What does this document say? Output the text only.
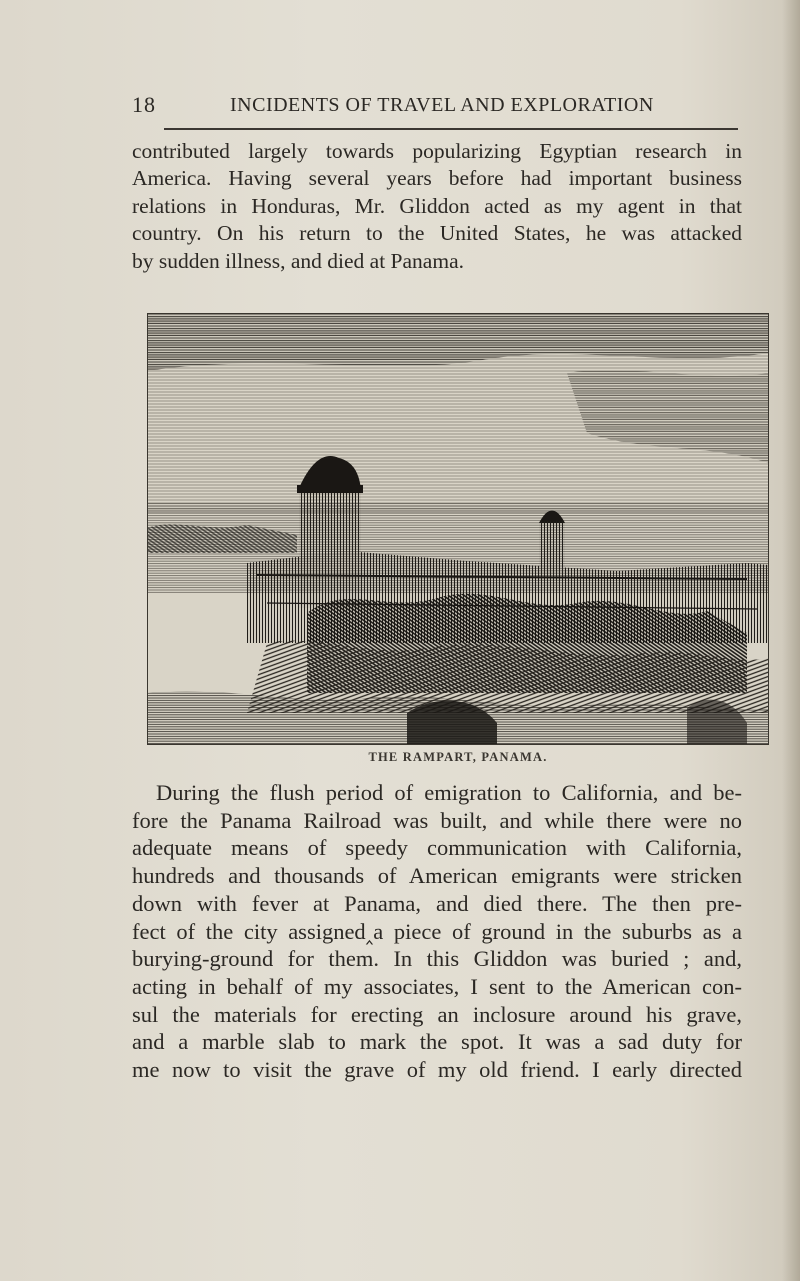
18	INCIDENTS OF TRAVEL AND EXPLORATION
contributed largely towards popularizing Egyptian research in
America. Having several years before had important business
relations in Honduras, Mr. Gliddon acted as my agent in that
country. On his return to the United States, he was attacked
by sudden illness, and died at Panama.
THE RAMPART, PANAMA.
During the flush period of emigration to California, and be-
fore the Panama Railroad was built, and while there were no
adequate means of speedy communication with California,
hundreds and thousands of American emigrants were stricken
down with fever at Panama, and died there. The then pre-
fect of the city assigned‸a piece of ground in the suburbs as a
burying-ground for them. In this Gliddon was buried ; and,
acting in behalf of my associates, I sent to the American con-
sul the materials for erecting an inclosure around his grave,
and a marble slab to mark the spot. It was a sad duty for
me now to visit the grave of my old friend. I early directed
